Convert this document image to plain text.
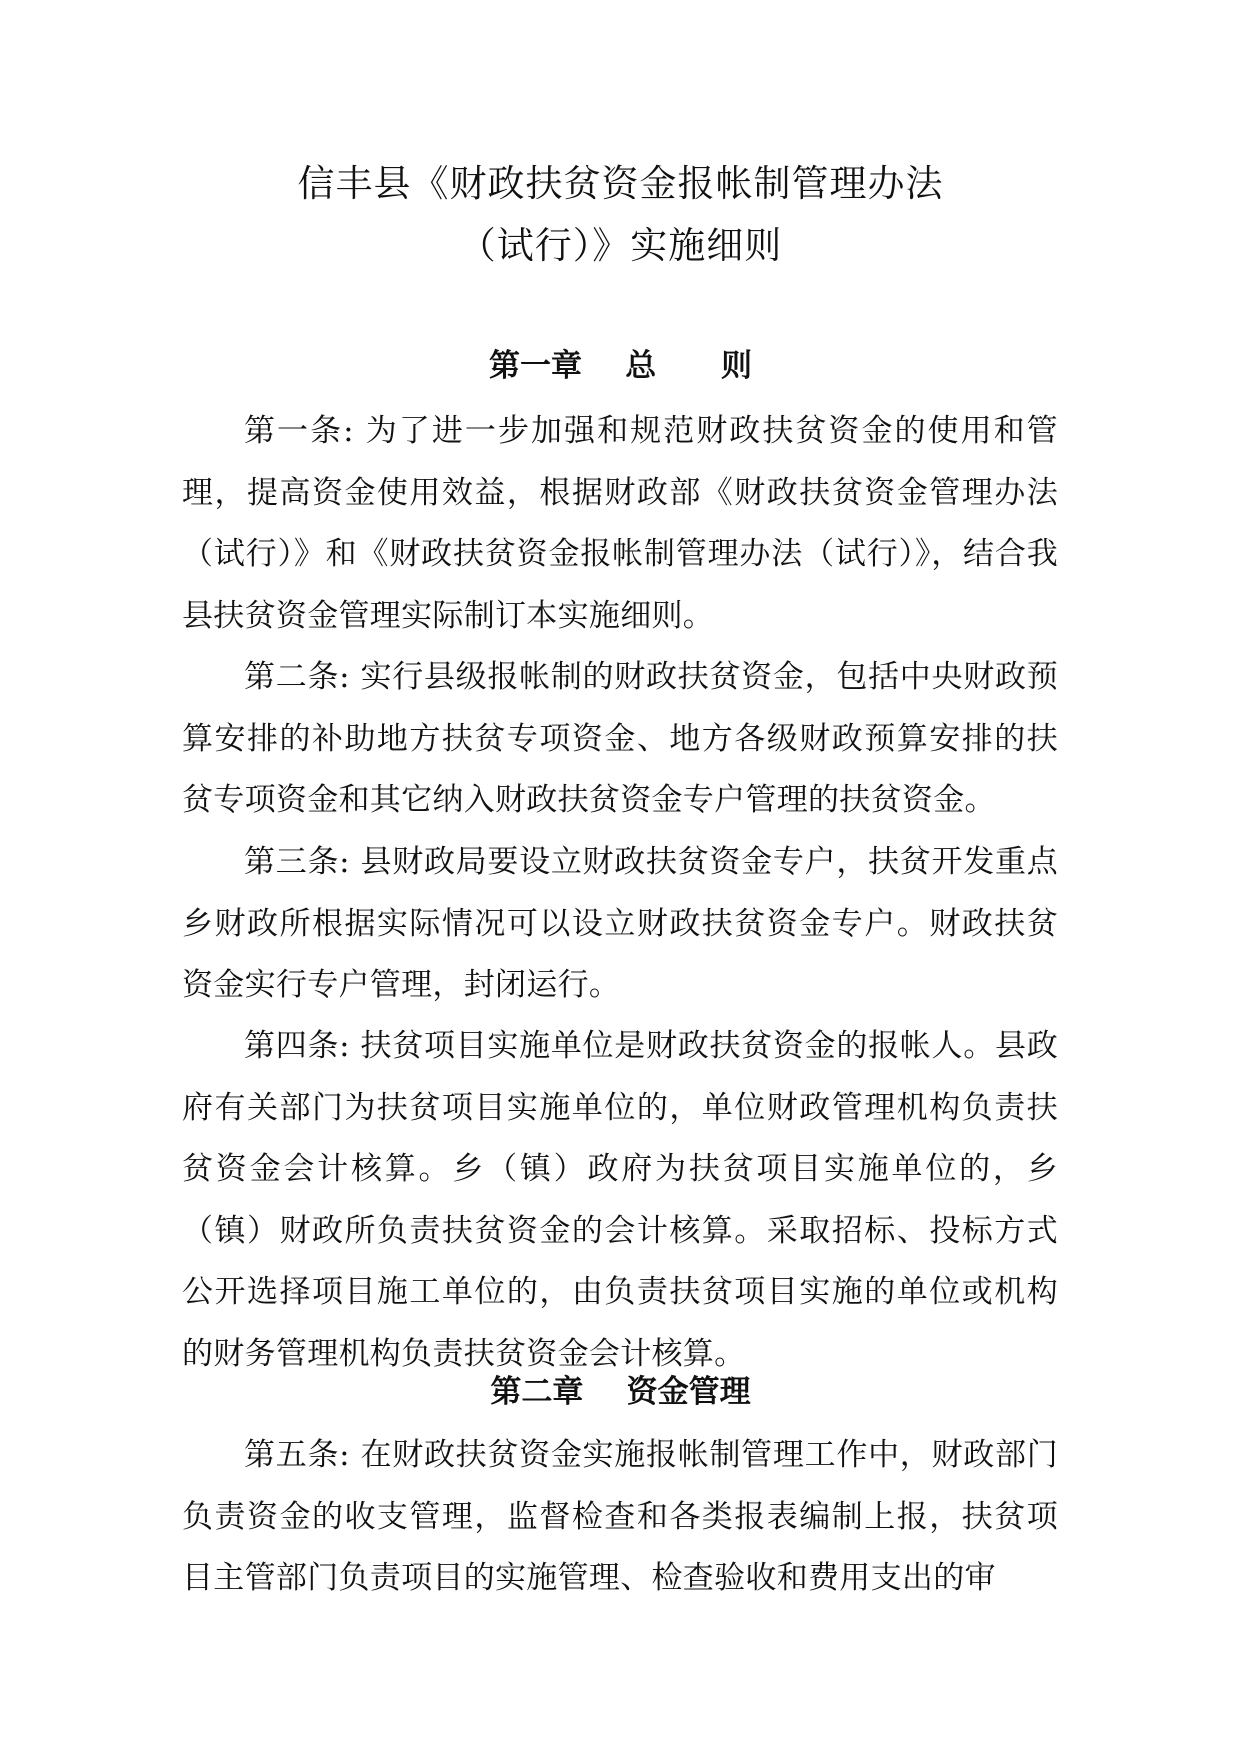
信丰县《财政扶贫资金报帐制管理办法
（试行）》实施细则
第一章    总      则

第一条: 为了进一步加强和规范财政扶贫资金的使用和管理，提高资金使用效益，根据财政部《财政扶贫资金管理办法（试行）》和《财政扶贫资金报帐制管理办法（试行）》，结合我县扶贫资金管理实际制订本实施细则。

第二条: 实行县级报帐制的财政扶贫资金，包括中央财政预算安排的补助地方扶贫专项资金、地方各级财政预算安排的扶贫专项资金和其它纳入财政扶贫资金专户管理的扶贫资金。

第三条: 县财政局要设立财政扶贫资金专户，扶贫开发重点乡财政所根据实际情况可以设立财政扶贫资金专户。财政扶贫资金实行专户管理，封闭运行。

第四条: 扶贫项目实施单位是财政扶贫资金的报帐人。县政府有关部门为扶贫项目实施单位的，单位财政管理机构负责扶贫资金会计核算。乡（镇）政府为扶贫项目实施单位的，乡（镇）财政所负责扶贫资金的会计核算。采取招标、投标方式公开选择项目施工单位的，由负责扶贫项目实施的单位或机构的财务管理机构负责扶贫资金会计核算。

第二章    资金管理

第五条: 在财政扶贫资金实施报帐制管理工作中，财政部门负责资金的收支管理，监督检查和各类报表编制上报，扶贫项目主管部门负责项目的实施管理、检查验收和费用支出的审
